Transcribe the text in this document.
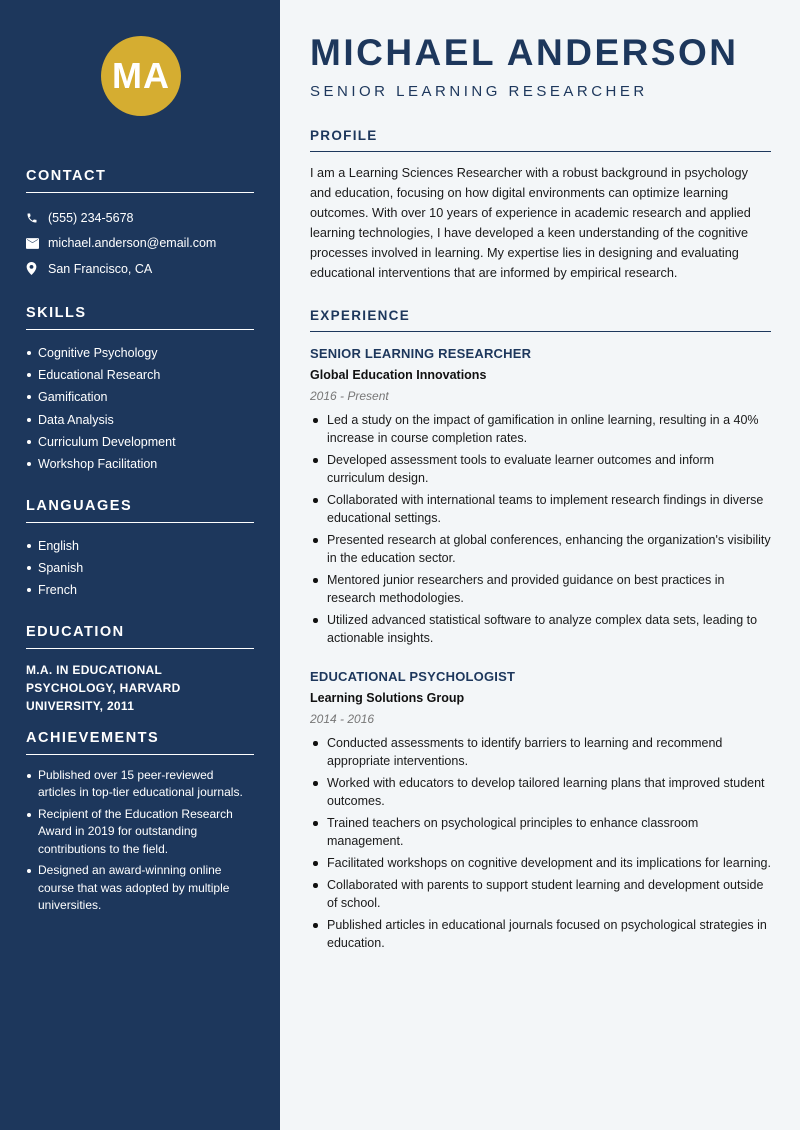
MA
CONTACT
(555) 234-5678
michael.anderson@email.com
San Francisco, CA
SKILLS
Cognitive Psychology
Educational Research
Gamification
Data Analysis
Curriculum Development
Workshop Facilitation
LANGUAGES
English
Spanish
French
EDUCATION
M.A. IN EDUCATIONAL PSYCHOLOGY, HARVARD UNIVERSITY, 2011
ACHIEVEMENTS
Published over 15 peer-reviewed articles in top-tier educational journals.
Recipient of the Education Research Award in 2019 for outstanding contributions to the field.
Designed an award-winning online course that was adopted by multiple universities.
MICHAEL ANDERSON
SENIOR LEARNING RESEARCHER
PROFILE

I am a Learning Sciences Researcher with a robust background in psychology and education, focusing on how digital environments can optimize learning outcomes. With over 10 years of experience in academic research and applied learning technologies, I have developed a keen understanding of the cognitive processes involved in learning. My expertise lies in designing and evaluating educational interventions that are informed by empirical research.

EXPERIENCE
SENIOR LEARNING RESEARCHER
Global Education Innovations
2016 - Present
Led a study on the impact of gamification in online learning, resulting in a 40% increase in course completion rates.
Developed assessment tools to evaluate learner outcomes and inform curriculum design.
Collaborated with international teams to implement research findings in diverse educational settings.
Presented research at global conferences, enhancing the organization's visibility in the education sector.
Mentored junior researchers and provided guidance on best practices in research methodologies.
Utilized advanced statistical software to analyze complex data sets, leading to actionable insights.
EDUCATIONAL PSYCHOLOGIST
Learning Solutions Group
2014 - 2016
Conducted assessments to identify barriers to learning and recommend appropriate interventions.
Worked with educators to develop tailored learning plans that improved student outcomes.
Trained teachers on psychological principles to enhance classroom management.
Facilitated workshops on cognitive development and its implications for learning.
Collaborated with parents to support student learning and development outside of school.
Published articles in educational journals focused on psychological strategies in education.
